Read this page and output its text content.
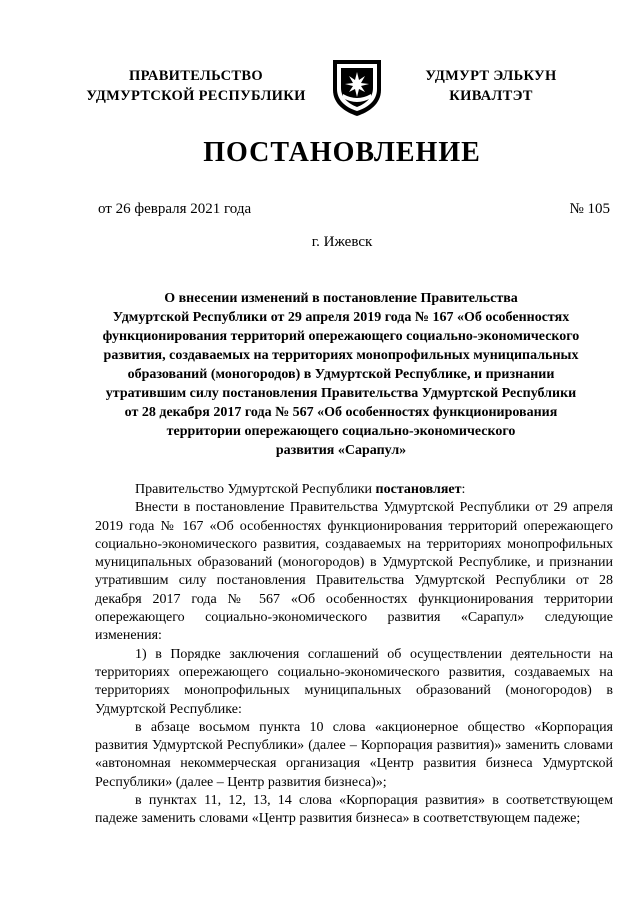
ПРАВИТЕЛЬСТВО
УДМУРТСКОЙ РЕСПУБЛИКИ
УДМУРТ ЭЛЬКУН
КИВАЛТЭТ
ПОСТАНОВЛЕНИЕ
от 26 февраля 2021 года	№ 105
г. Ижевск
О внесении изменений в постановление Правительства
Удмуртской Республики от 29 апреля 2019 года № 167 «Об особенностях
функционирования территорий опережающего социально-экономического
развития, создаваемых на территориях монопрофильных муниципальных
образований (моногородов) в Удмуртской Республике, и признании
утратившим силу постановления Правительства Удмуртской Республики
от 28 декабря 2017 года № 567 «Об особенностях функционирования
территории опережающего социально-экономического
развития «Сарапул»

Правительство Удмуртской Республики постановляет:

Внести в постановление Правительства Удмуртской Республики от 29 апреля 2019 года № 167 «Об особенностях функционирования территорий опережающего социально-экономического развития, создаваемых на территориях монопрофильных муниципальных образований (моногородов) в Удмуртской Республике, и признании утратившим силу постановления Правительства Удмуртской Республики от 28 декабря 2017 года № 567 «Об особенностях функционирования территории опережающего социально-экономического развития «Сарапул» следующие изменения:

1) в Порядке заключения соглашений об осуществлении деятельности на территориях опережающего социально-экономического развития, создаваемых на территориях монопрофильных муниципальных образований (моногородов) в Удмуртской Республике:

в абзаце восьмом пункта 10 слова «акционерное общество «Корпорация развития Удмуртской Республики» (далее – Корпорация развития)» заменить словами «автономная некоммерческая организация «Центр развития бизнеса Удмуртской Республики» (далее – Центр развития бизнеса)»;

в пунктах 11, 12, 13, 14 слова «Корпорация развития» в соответствующем падеже заменить словами «Центр развития бизнеса» в соответствующем падеже;
